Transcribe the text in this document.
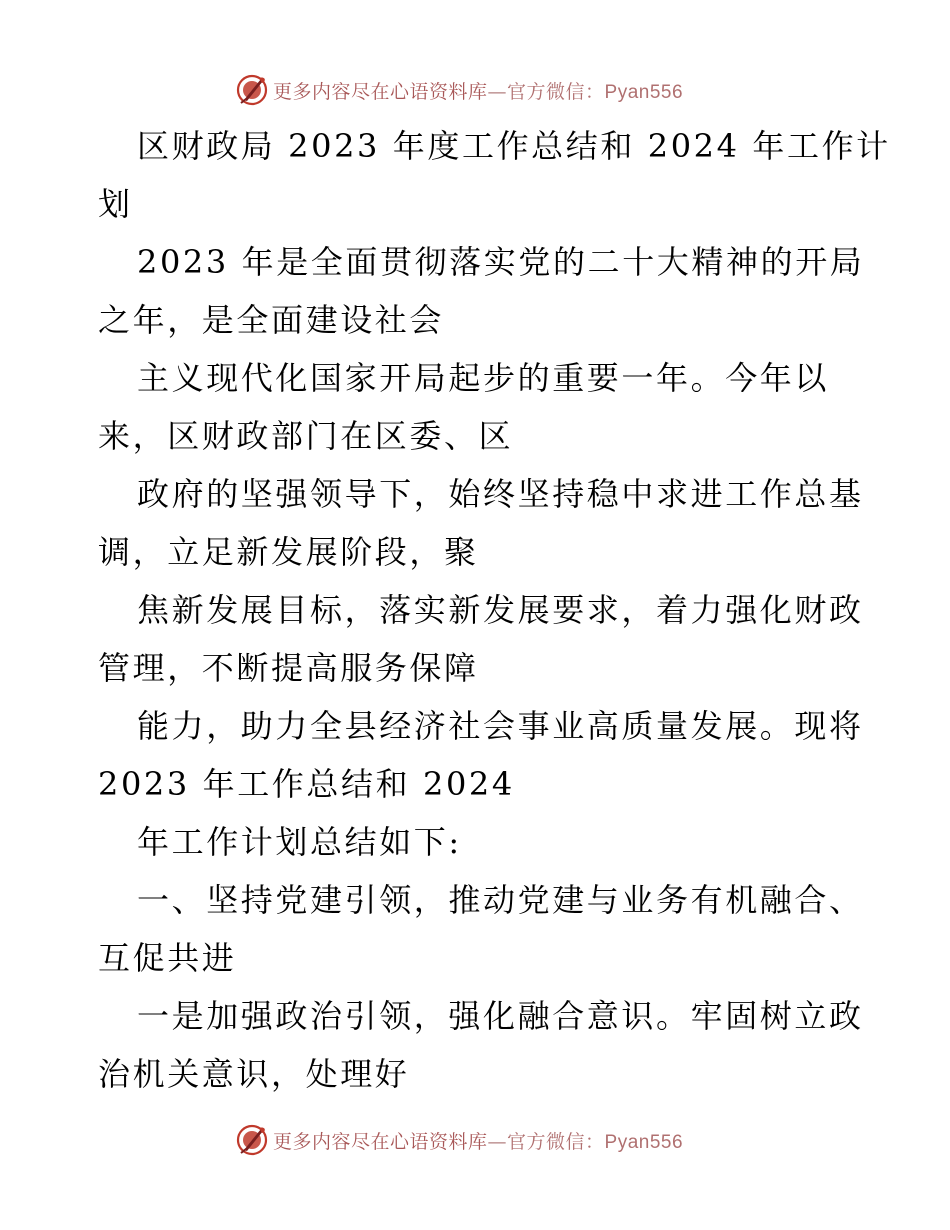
更多内容尽在心语资料库—官方微信：Pyan556
区财政局 2023 年度工作总结和 2024 年工作计
划
2023 年是全面贯彻落实党的二十大精神的开局
之年，是全面建设社会
主义现代化国家开局起步的重要一年。今年以
来，区财政部门在区委、区
政府的坚强领导下，始终坚持稳中求进工作总基
调，立足新发展阶段，聚
焦新发展目标，落实新发展要求，着力强化财政
管理，不断提高服务保障
能力，助力全县经济社会事业高质量发展。现将
2023 年工作总结和 2024
年工作计划总结如下:
一、坚持党建引领，推动党建与业务有机融合、
互促共进
一是加强政治引领，强化融合意识。牢固树立政
治机关意识，处理好
更多内容尽在心语资料库—官方微信：Pyan556
